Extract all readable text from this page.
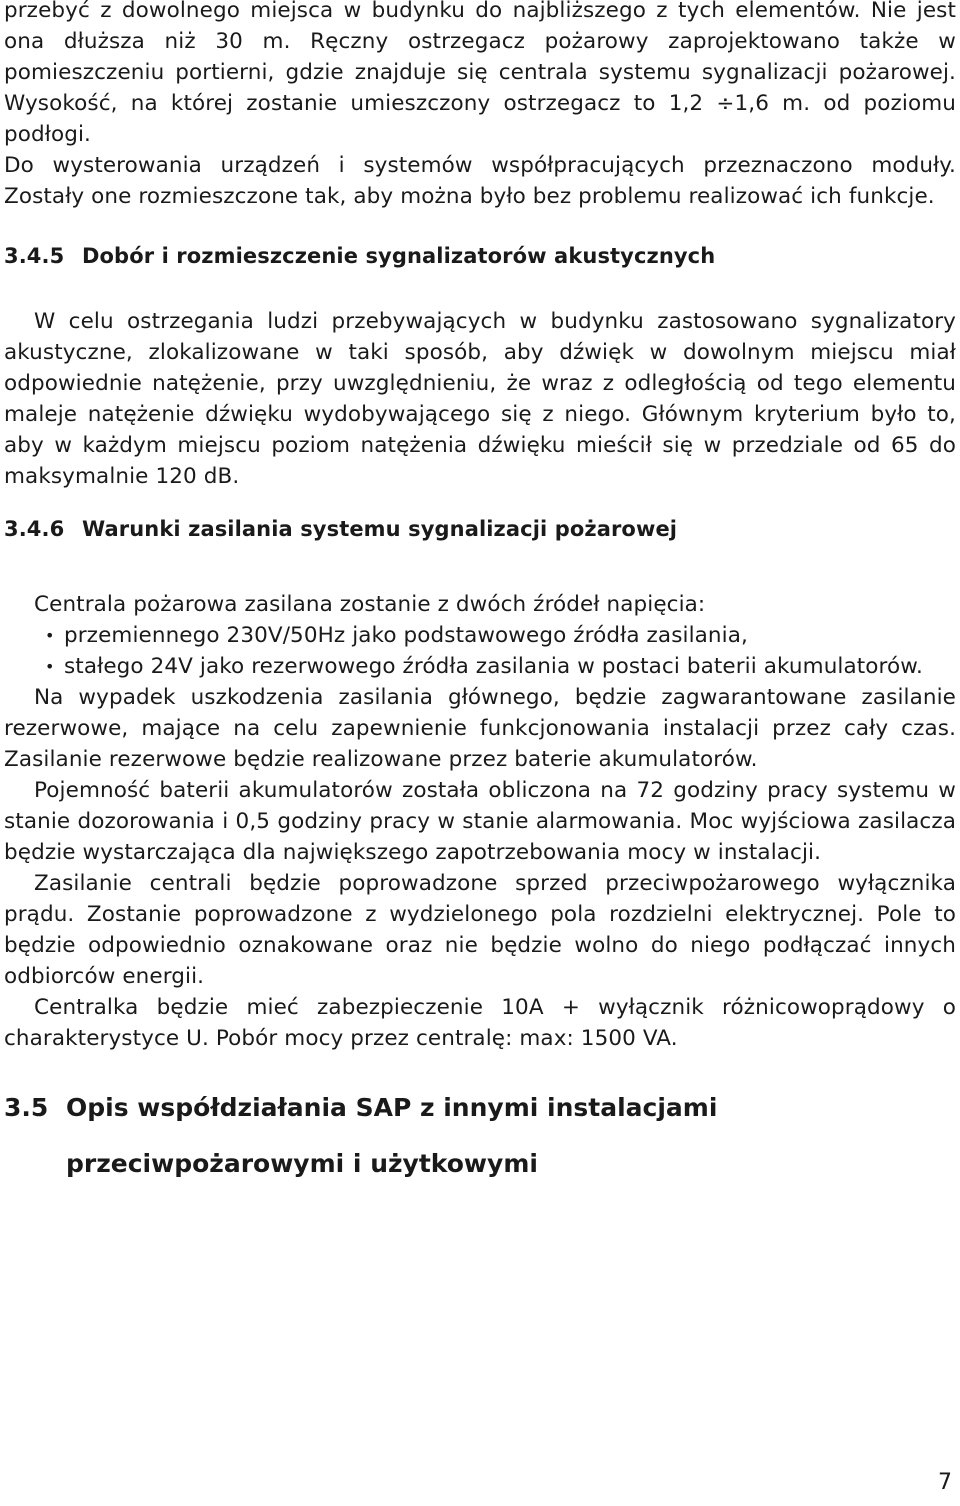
przebyć z dowolnego miejsca w budynku do najbliższego z tych elementów. Nie jest ona dłuższa niż 30 m. Ręczny ostrzegacz pożarowy zaprojektowano także w pomieszczeniu portierni, gdzie znajduje się centrala systemu sygnalizacji pożarowej. Wysokość, na której zostanie umieszczony ostrzegacz to 1,2 ÷1,6 m. od poziomu podłogi.

Do wysterowania urządzeń i systemów współpracujących przeznaczono moduły. Zostały one rozmieszczone tak, aby można było bez problemu realizować ich funkcje.

3.4.5 Dobór i rozmieszczenie sygnalizatorów akustycznych

W celu ostrzegania ludzi przebywających w budynku zastosowano sygnalizatory akustyczne, zlokalizowane w taki sposób, aby dźwięk w dowolnym miejscu miał odpowiednie natężenie, przy uwzględnieniu, że wraz z odległością od tego elementu maleje natężenie dźwięku wydobywającego się z niego. Głównym kryterium było to, aby w każdym miejscu poziom natężenia dźwięku mieścił się w przedziale od 65 do maksymalnie 120 dB.

3.4.6 Warunki zasilania systemu sygnalizacji pożarowej

Centrala pożarowa zasilana zostanie z dwóch źródeł napięcia:

• przemiennego 230V/50Hz jako podstawowego źródła zasilania,
• stałego 24V jako rezerwowego źródła zasilania w postaci baterii akumulatorów.

Na wypadek uszkodzenia zasilania głównego, będzie zagwarantowane zasilanie rezerwowe, mające na celu zapewnienie funkcjonowania instalacji przez cały czas. Zasilanie rezerwowe będzie realizowane przez baterie akumulatorów.

Pojemność baterii akumulatorów została obliczona na 72 godziny pracy systemu w stanie dozorowania i 0,5 godziny pracy w stanie alarmowania. Moc wyjściowa zasilacza będzie wystarczająca dla największego zapotrzebowania mocy w instalacji.

Zasilanie centrali będzie poprowadzone sprzed przeciwpożarowego wyłącznika prądu. Zostanie poprowadzone z wydzielonego pola rozdzielni elektrycznej. Pole to będzie odpowiednio oznakowane oraz nie będzie wolno do niego podłączać innych odbiorców energii.

Centralka będzie mieć zabezpieczenie 10A + wyłącznik różnicowoprądowy o charakterystyce U. Pobór mocy przez centralę: max: 1500 VA.

3.5 Opis współdziałania SAP z innymi instalacjami
przeciwpożarowymi i użytkowymi
7
